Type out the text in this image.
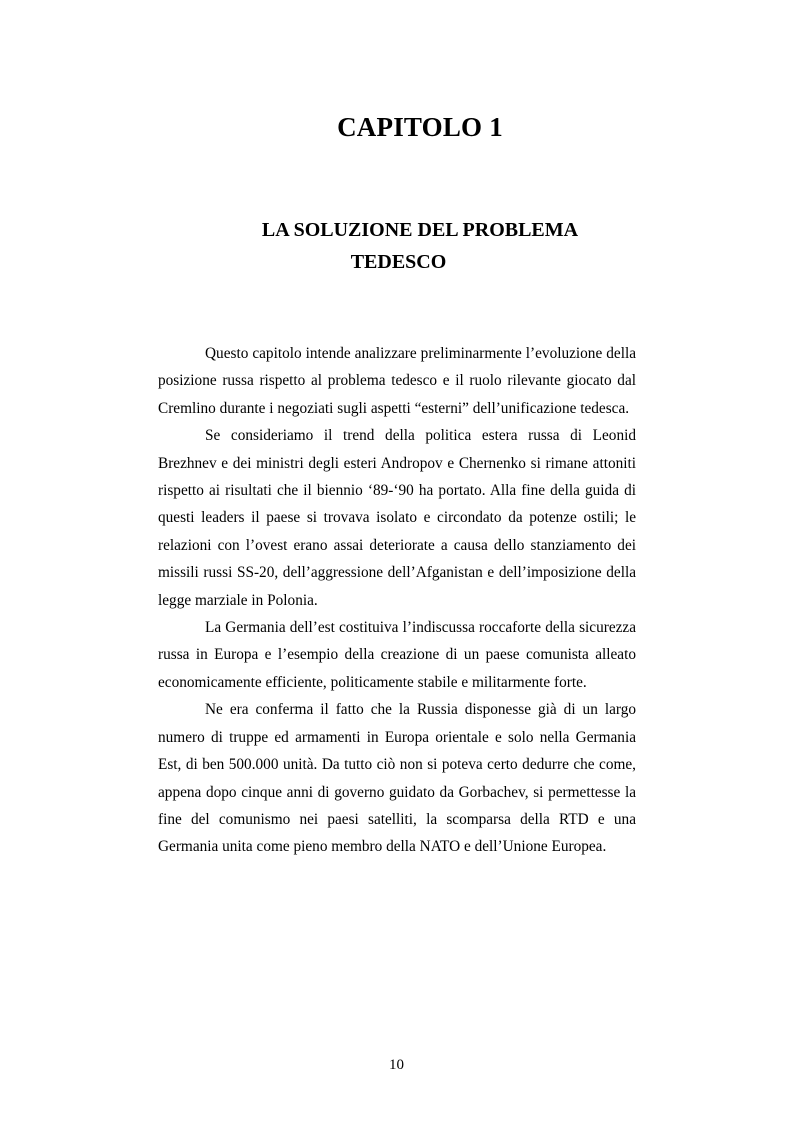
CAPITOLO 1
LA SOLUZIONE DEL PROBLEMA
TEDESCO

Questo capitolo intende analizzare preliminarmente l’evoluzione della posizione russa rispetto al problema tedesco e il ruolo rilevante giocato dal Cremlino durante i negoziati sugli aspetti “esterni” dell’unificazione tedesca.

Se consideriamo il trend della politica estera russa di Leonid Brezhnev e dei ministri degli esteri Andropov e Chernenko si rimane attoniti rispetto ai risultati che il biennio ‘89-‘90 ha portato. Alla fine della guida di questi leaders il paese si trovava isolato e circondato da potenze ostili; le relazioni con l’ovest erano assai deteriorate a causa dello stanziamento dei missili russi SS-20, dell’aggressione dell’Afganistan e dell’imposizione della legge marziale in Polonia.

La Germania dell’est costituiva l’indiscussa roccaforte della sicurezza russa in Europa e l’esempio della creazione di un paese comunista alleato economicamente efficiente, politicamente stabile e militarmente forte.

Ne era conferma il fatto che la Russia disponesse già di un largo numero di truppe ed armamenti in Europa orientale e solo nella Germania Est, di ben 500.000 unità. Da tutto ciò non si poteva certo dedurre che come, appena dopo cinque anni di governo guidato da Gorbachev, si permettesse la fine del comunismo nei paesi satelliti, la scomparsa della RTD e una Germania unita come pieno membro della NATO e dell’Unione Europea.

10
